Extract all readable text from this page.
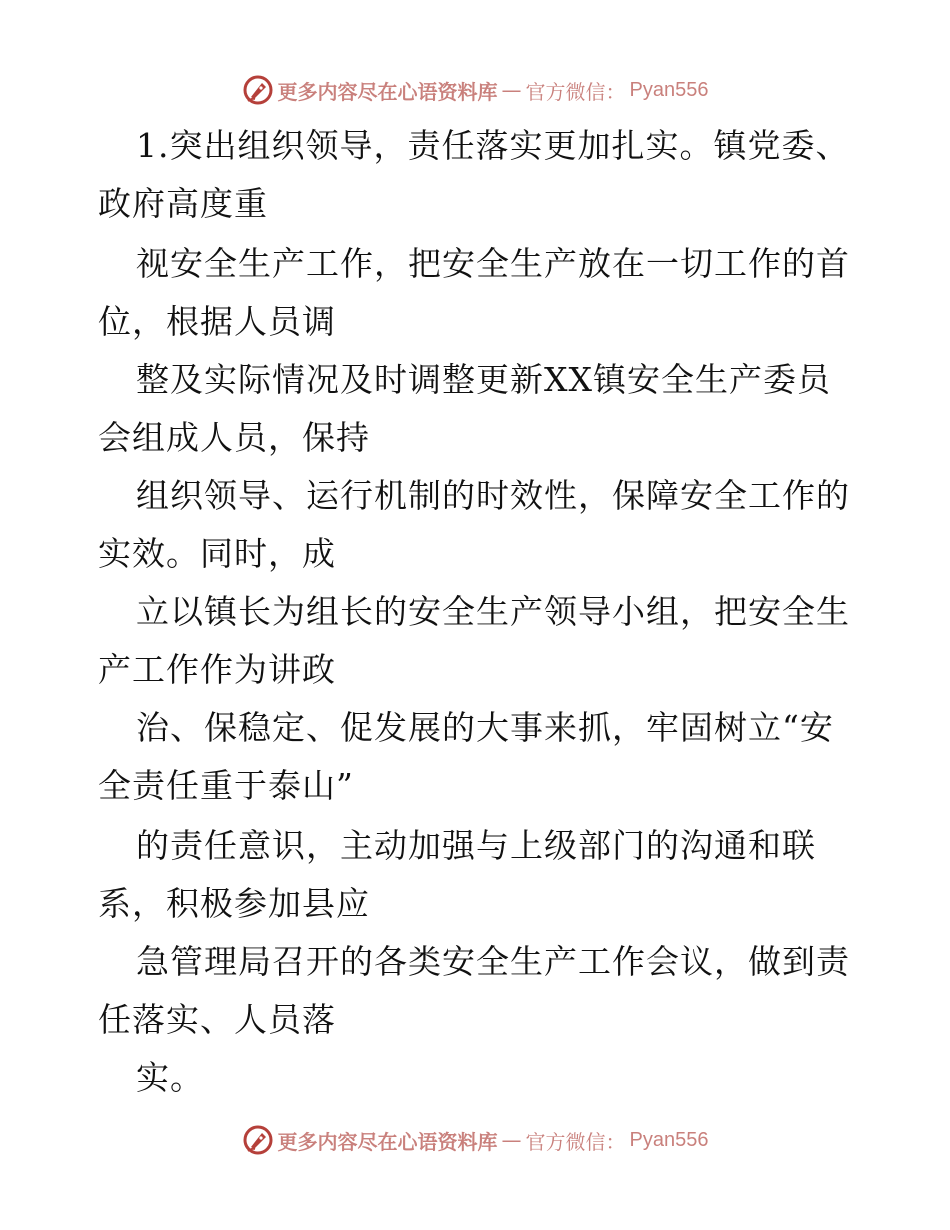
更多内容尽在心语资料库 — 官方微信： Pyan556
1.突出组织领导，责任落实更加扎实。镇党委、
政府高度重
视安全生产工作，把安全生产放在一切工作的首
位，根据人员调
整及实际情况及时调整更新XX镇安全生产委员
会组成人员，保持
组织领导、运行机制的时效性，保障安全工作的
实效。同时，成
立以镇长为组长的安全生产领导小组，把安全生
产工作作为讲政
治、保稳定、促发展的大事来抓，牢固树立“安
全责任重于泰山”
的责任意识，主动加强与上级部门的沟通和联
系，积极参加县应
急管理局召开的各类安全生产工作会议，做到责
任落实、人员落
实。
更多内容尽在心语资料库 — 官方微信： Pyan556
